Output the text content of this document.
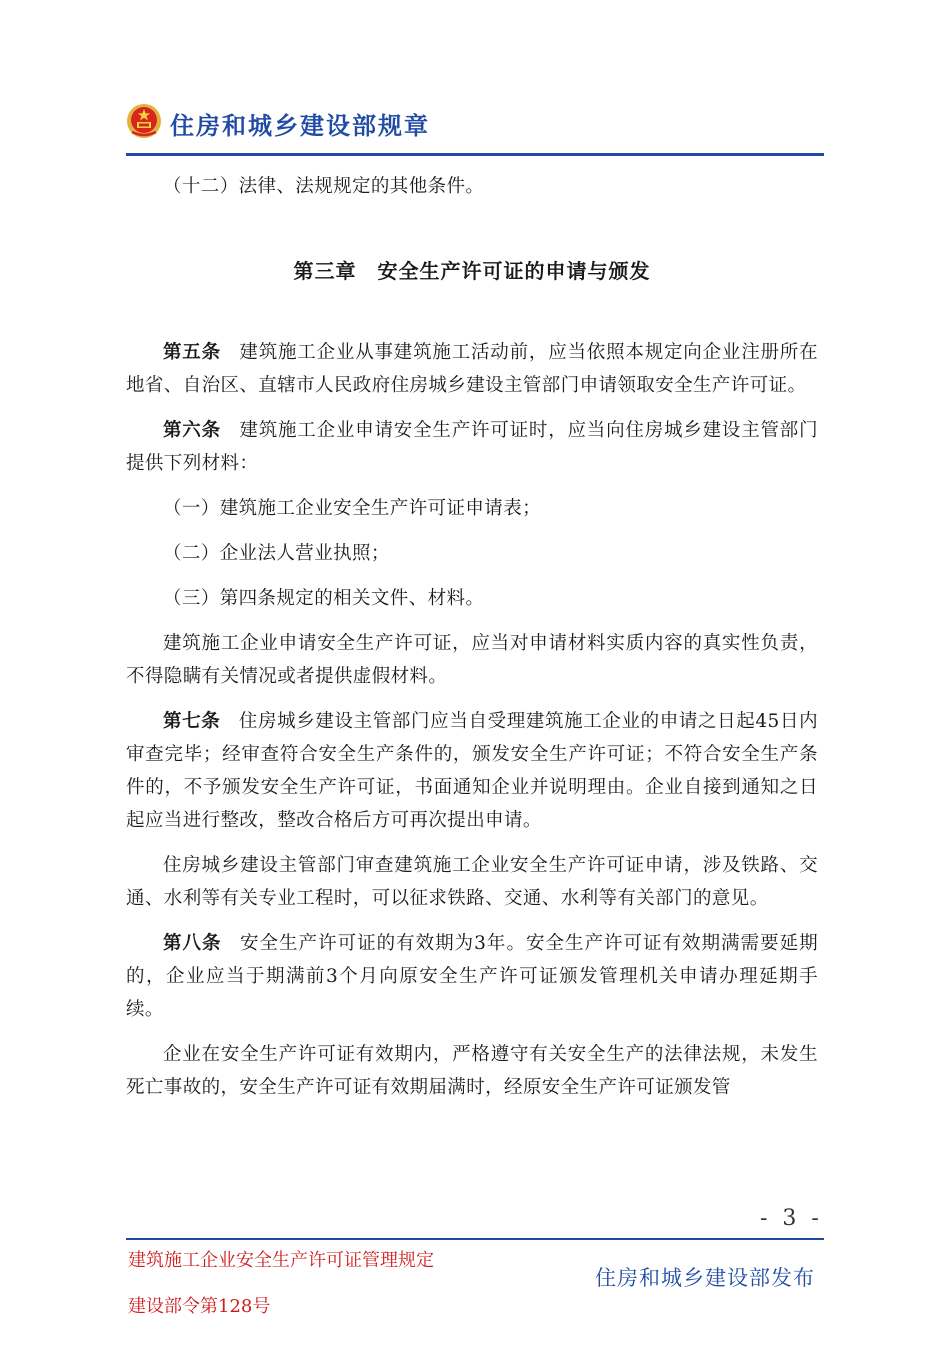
住房和城乡建设部规章

（十二）法律、法规规定的其他条件。

第三章　安全生产许可证的申请与颁发

第五条 建筑施工企业从事建筑施工活动前，应当依照本规定向企业注册所在地省、自治区、直辖市人民政府住房城乡建设主管部门申请领取安全生产许可证。

第六条 建筑施工企业申请安全生产许可证时，应当向住房城乡建设主管部门提供下列材料：

（一）建筑施工企业安全生产许可证申请表；

（二）企业法人营业执照；

（三）第四条规定的相关文件、材料。

建筑施工企业申请安全生产许可证，应当对申请材料实质内容的真实性负责，不得隐瞒有关情况或者提供虚假材料。

第七条 住房城乡建设主管部门应当自受理建筑施工企业的申请之日起45日内审查完毕；经审查符合安全生产条件的，颁发安全生产许可证；不符合安全生产条件的，不予颁发安全生产许可证，书面通知企业并说明理由。企业自接到通知之日起应当进行整改，整改合格后方可再次提出申请。

住房城乡建设主管部门审查建筑施工企业安全生产许可证申请，涉及铁路、交通、水利等有关专业工程时，可以征求铁路、交通、水利等有关部门的意见。

第八条 安全生产许可证的有效期为3年。安全生产许可证有效期满需要延期的，企业应当于期满前3个月向原安全生产许可证颁发管理机关申请办理延期手续。

企业在安全生产许可证有效期内，严格遵守有关安全生产的法律法规，未发生死亡事故的，安全生产许可证有效期届满时，经原安全生产许可证颁发管

- 3 -
建筑施工企业安全生产许可证管理规定
住房和城乡建设部发布
建设部令第128号
